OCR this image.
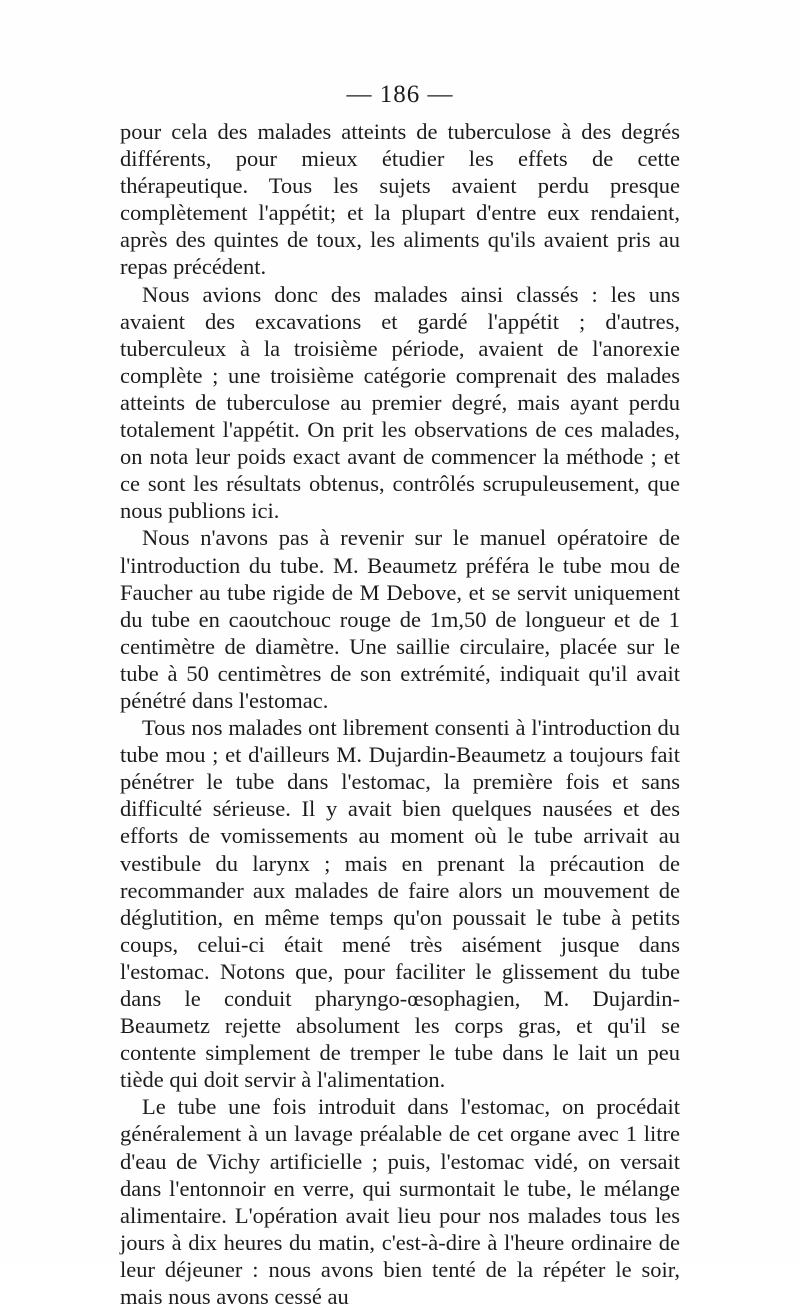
— 186 —

pour cela des malades atteints de tuberculose à des degrés différents, pour mieux étudier les effets de cette thérapeutique. Tous les sujets avaient perdu presque complètement l'appétit; et la plupart d'entre eux rendaient, après des quintes de toux, les aliments qu'ils avaient pris au repas précédent.

Nous avions donc des malades ainsi classés : les uns avaient des excavations et gardé l'appétit ; d'autres, tuberculeux à la troisième période, avaient de l'anorexie complète ; une troisième catégorie comprenait des malades atteints de tuberculose au premier degré, mais ayant perdu totalement l'appétit. On prit les observations de ces malades, on nota leur poids exact avant de commencer la méthode ; et ce sont les résultats obtenus, contrôlés scrupuleusement, que nous publions ici.

Nous n'avons pas à revenir sur le manuel opératoire de l'introduction du tube. M. Beaumetz préféra le tube mou de Faucher au tube rigide de M Debove, et se servit uniquement du tube en caoutchouc rouge de 1m,50 de longueur et de 1 centimètre de diamètre. Une saillie circulaire, placée sur le tube à 50 centimètres de son extrémité, indiquait qu'il avait pénétré dans l'estomac.

Tous nos malades ont librement consenti à l'introduction du tube mou ; et d'ailleurs M. Dujardin-Beaumetz a toujours fait pénétrer le tube dans l'estomac, la première fois et sans difficulté sérieuse. Il y avait bien quelques nausées et des efforts de vomissements au moment où le tube arrivait au vestibule du larynx ; mais en prenant la précaution de recommander aux malades de faire alors un mouvement de déglutition, en même temps qu'on poussait le tube à petits coups, celui-ci était mené très aisément jusque dans l'estomac. Notons que, pour faciliter le glissement du tube dans le conduit pharyngo-œsophagien, M. Dujardin-Beaumetz rejette absolument les corps gras, et qu'il se contente simplement de tremper le tube dans le lait un peu tiède qui doit servir à l'alimentation.

Le tube une fois introduit dans l'estomac, on procédait généralement à un lavage préalable de cet organe avec 1 litre d'eau de Vichy artificielle ; puis, l'estomac vidé, on versait dans l'entonnoir en verre, qui surmontait le tube, le mélange alimentaire. L'opération avait lieu pour nos malades tous les jours à dix heures du matin, c'est-à-dire à l'heure ordinaire de leur déjeuner : nous avons bien tenté de la répéter le soir, mais nous avons cessé au
